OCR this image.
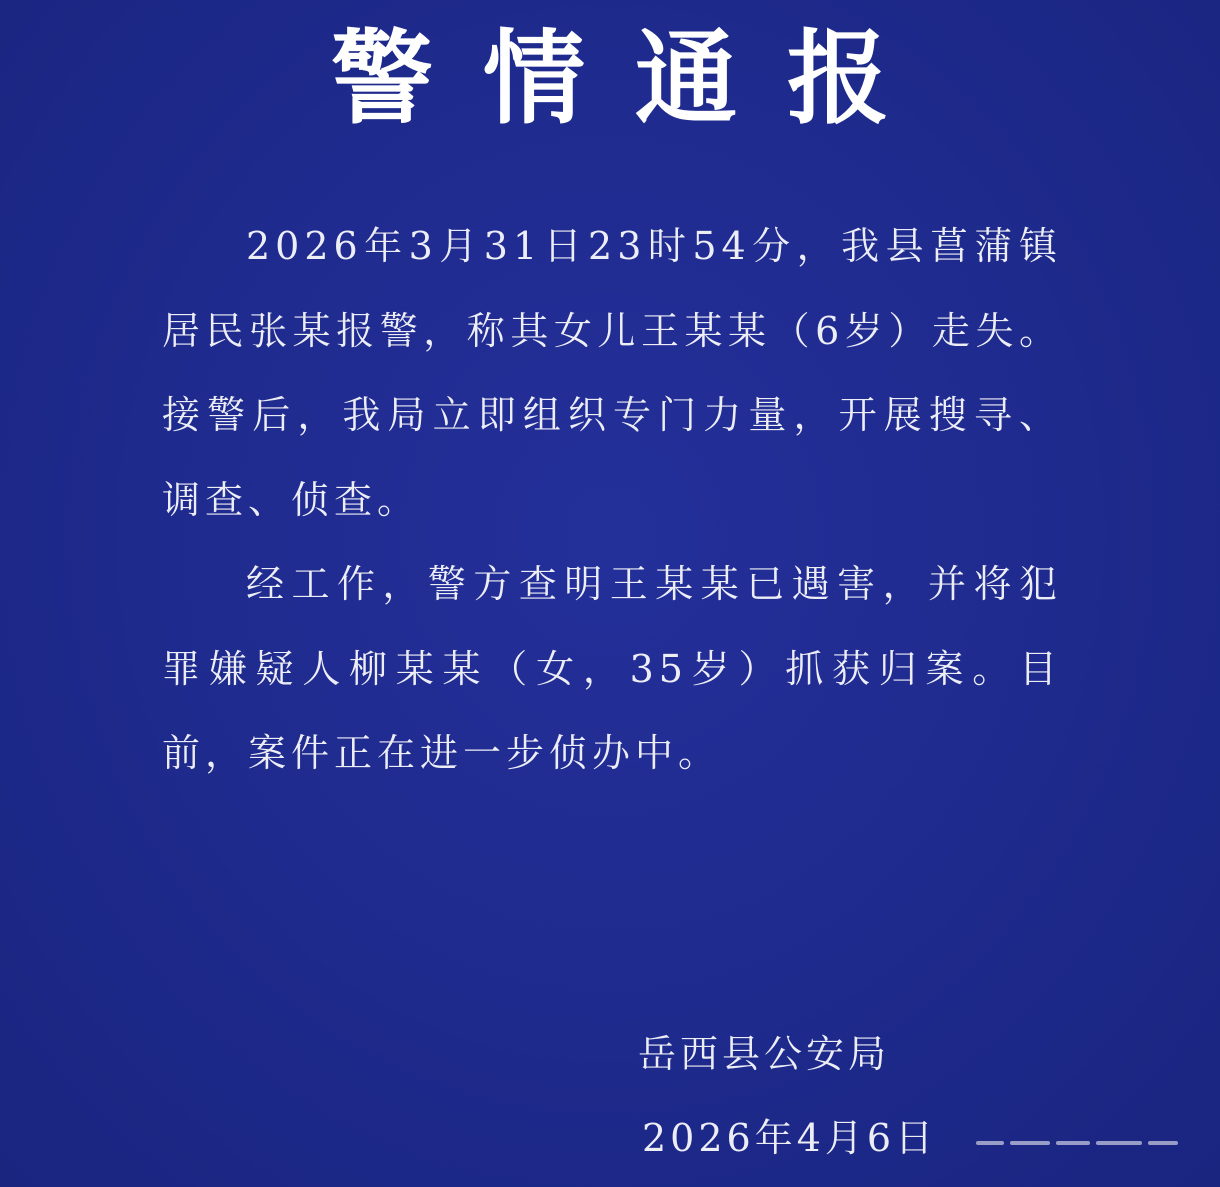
警情通报

2026年3月31日23时54分，我县菖蒲镇居民张某报警，称其女儿王某某（6岁）走失。接警后，我局立即组织专门力量，开展搜寻、调查、侦查。

经工作，警方查明王某某已遇害，并将犯罪嫌疑人柳某某（女，35岁）抓获归案。目前，案件正在进一步侦办中。

岳西县公安局
2026年4月6日
